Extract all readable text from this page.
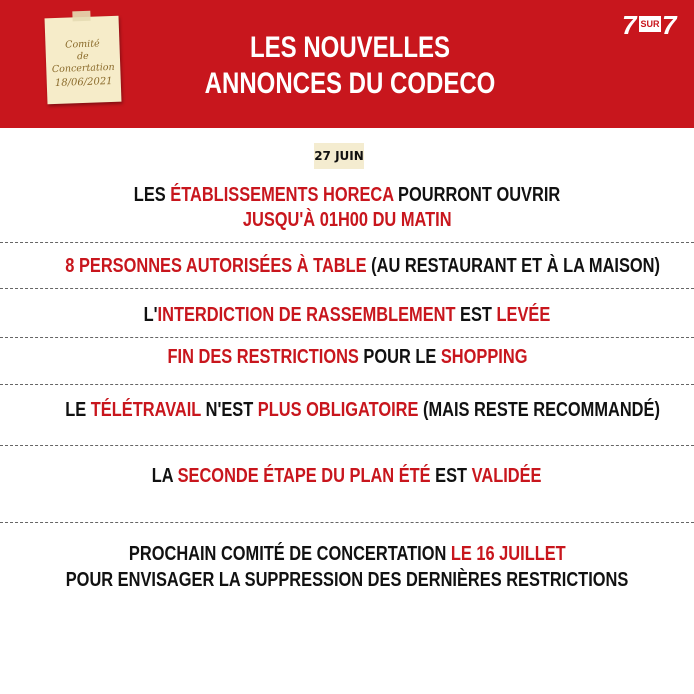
Comité
de
Concertation
18/06/2021
LES NOUVELLES
ANNONCES DU CODECO
7 SUR 7
27 JUIN
LES ÉTABLISSEMENTS HORECA POURRONT OUVRIR
JUSQU'À 01H00 DU MATIN
8 PERSONNES AUTORISÉES À TABLE (AU RESTAURANT ET À LA MAISON)
L'INTERDICTION DE RASSEMBLEMENT EST LEVÉE
FIN DES RESTRICTIONS POUR LE SHOPPING
LE TÉLÉTRAVAIL N'EST PLUS OBLIGATOIRE (MAIS RESTE RECOMMANDÉ)
LA SECONDE ÉTAPE DU PLAN ÉTÉ EST VALIDÉE
PROCHAIN COMITÉ DE CONCERTATION LE 16 JUILLET
POUR ENVISAGER LA SUPPRESSION DES DERNIÈRES RESTRICTIONS
